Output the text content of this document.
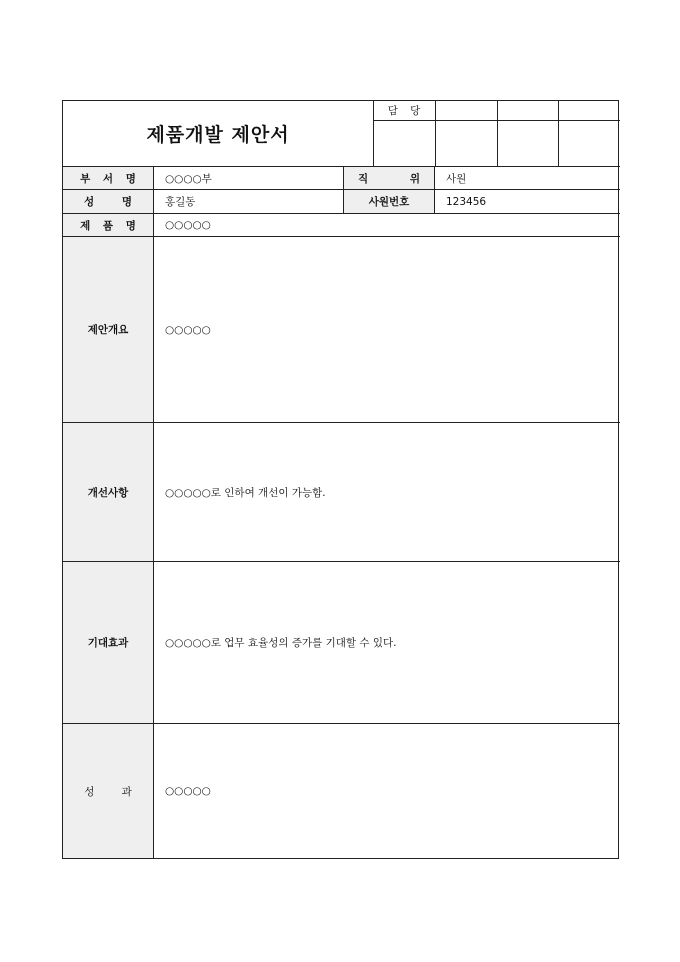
제품개발 제안서
담 당
부 서 명	○○○○부	직 위	사원
성 명	홍길동	사원번호	123456
제 품 명	○○○○○
제안개요	○○○○○
개선사항	○○○○○로 인하여 개선이 가능함.
기대효과	○○○○○로 업무 효율성의 증가를 기대할 수 있다.
성 과	○○○○○
